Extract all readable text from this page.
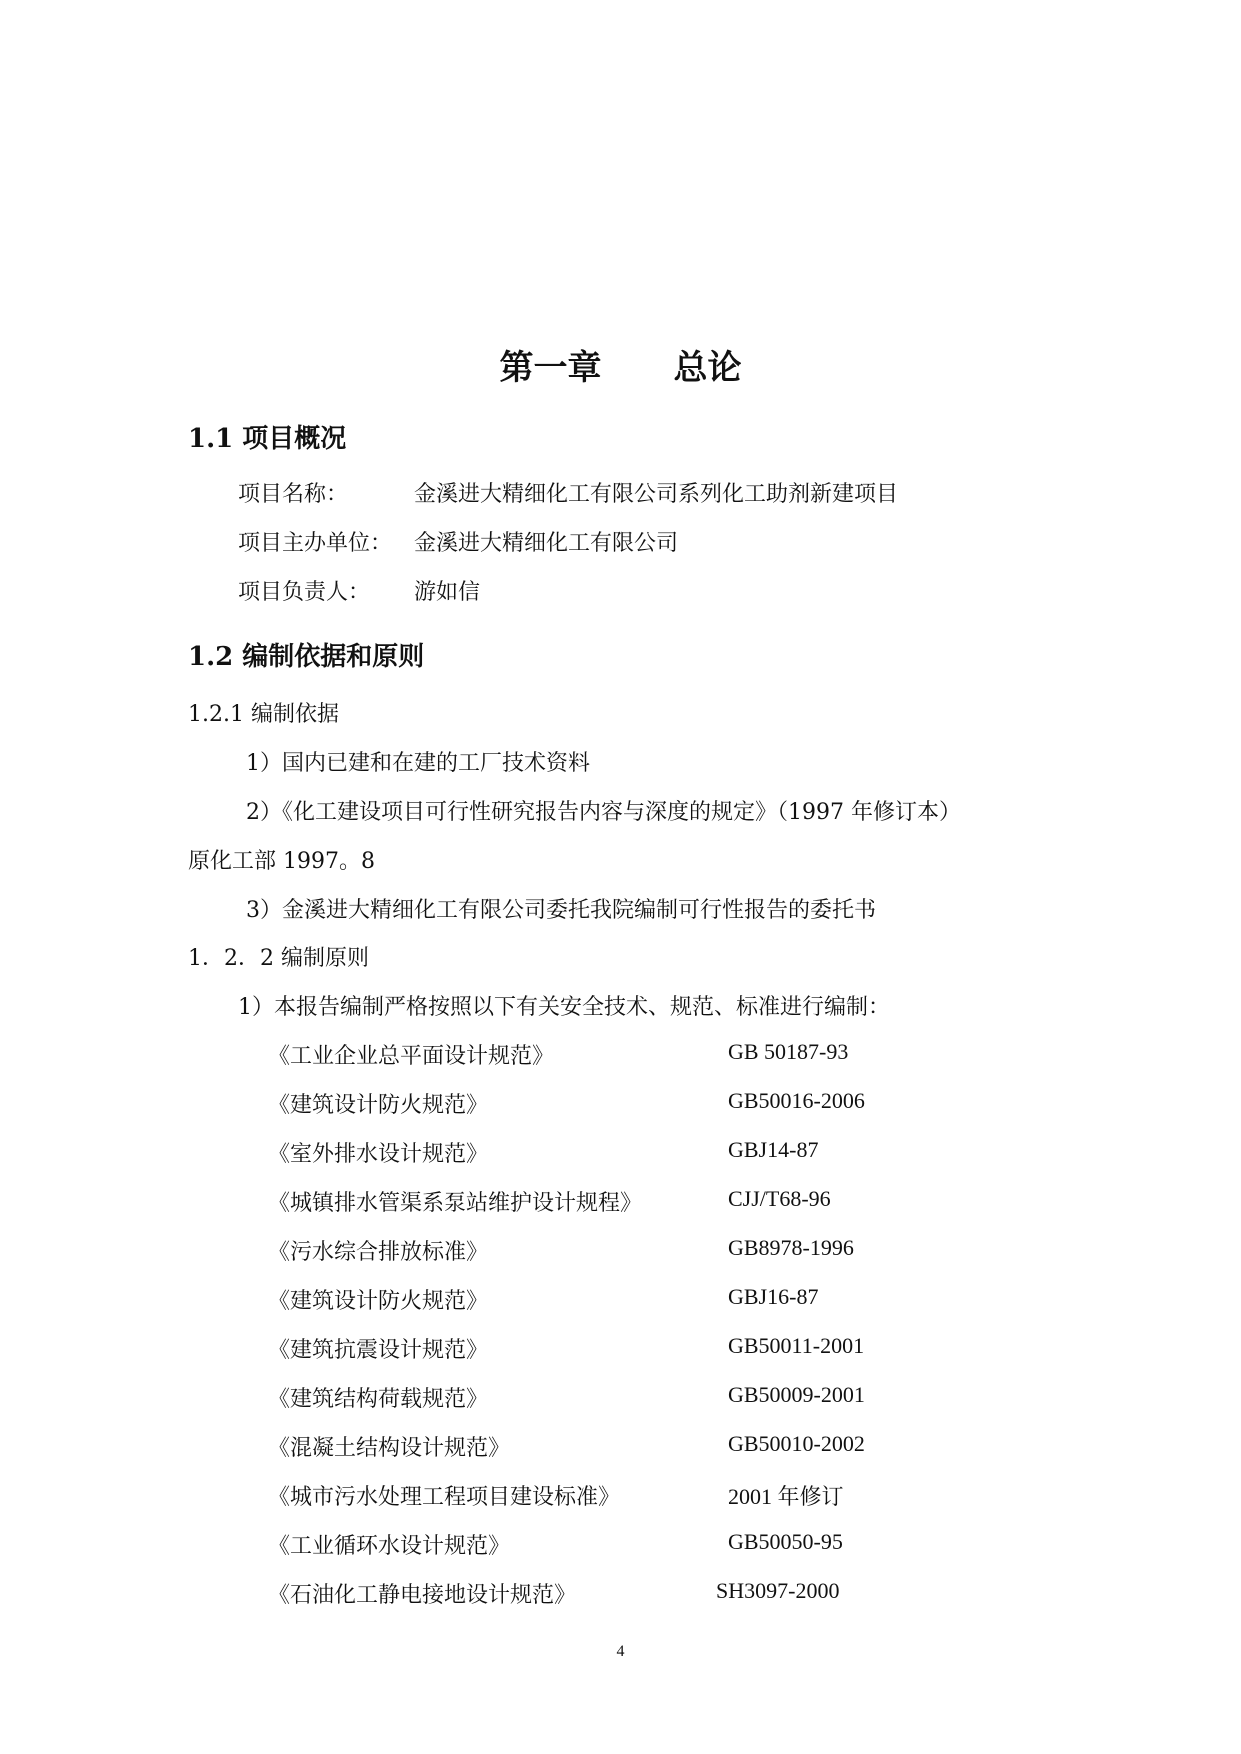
第一章 总论
1.1 项目概况
项目名称：	金溪进大精细化工有限公司系列化工助剂新建项目
项目主办单位： 金溪进大精细化工有限公司
项目负责人： 游如信
1.2 编制依据和原则
1.2.1 编制依据
1）国内已建和在建的工厂技术资料
2）《化工建设项目可行性研究报告内容与深度的规定》（1997 年修订本）
原化工部 1997。8
3）金溪进大精细化工有限公司委托我院编制可行性报告的委托书
1．2．2 编制原则
1）本报告编制严格按照以下有关安全技术、规范、标准进行编制：
《工业企业总平面设计规范》	GB 50187-93
《建筑设计防火规范》	GB50016-2006
《室外排水设计规范》	GBJ14-87
《城镇排水管渠系泵站维护设计规程》	CJJ/T68-96
《污水综合排放标准》	GB8978-1996
《建筑设计防火规范》	GBJ16-87
《建筑抗震设计规范》	GB50011-2001
《建筑结构荷载规范》	GB50009-2001
《混凝土结构设计规范》	GB50010-2002
《城市污水处理工程项目建设标准》	2001 年修订
《工业循环水设计规范》	GB50050-95
《石油化工静电接地设计规范》	SH3097-2000
4
